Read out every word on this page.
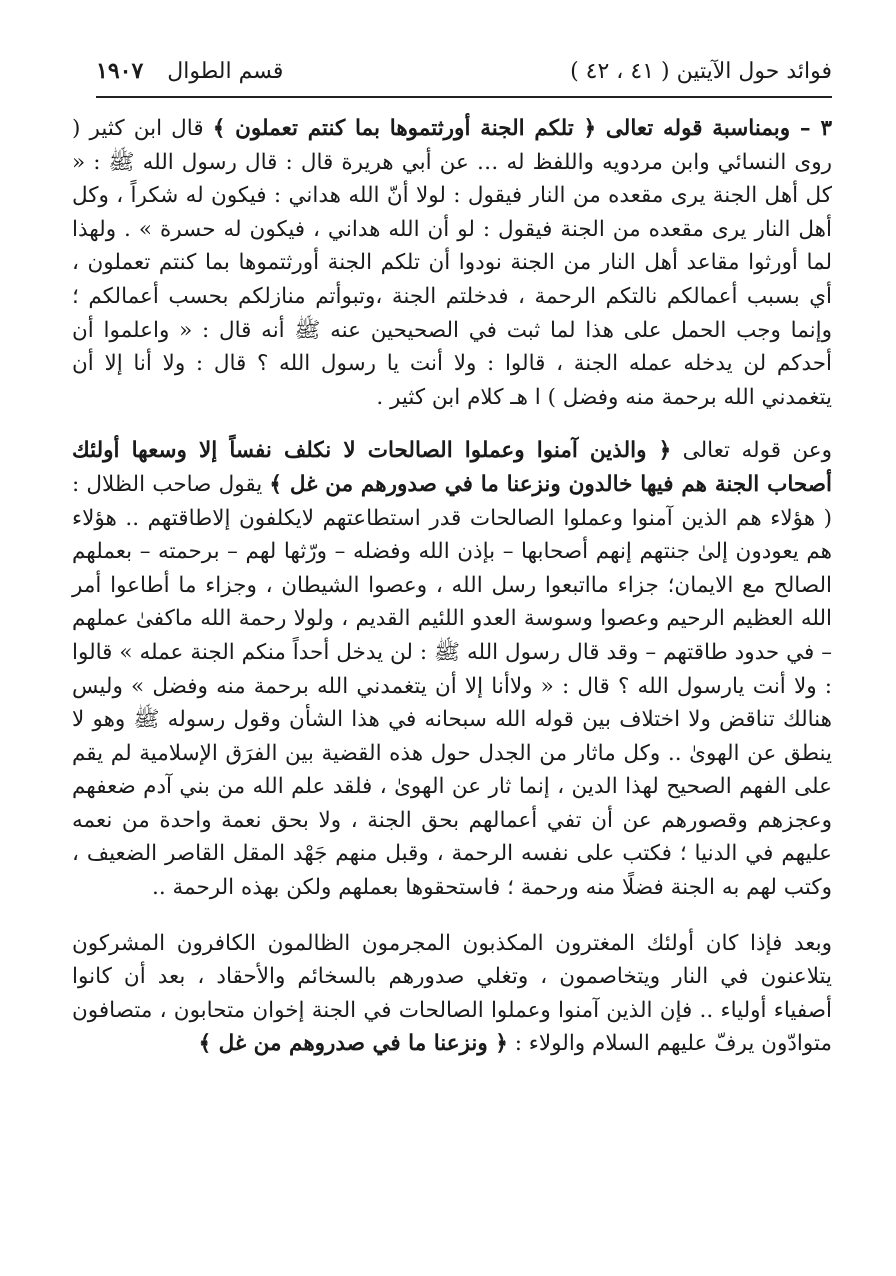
فوائد حول الآيتين ( ٤١ ، ٤٢ )
قسم الطوال
١٩٠٧

٣ – وبمناسبة قوله تعالى ﴿ تلكم الجنة أورثتموها بما كنتم تعملون ﴾ قال ابن كثير ( روى النسائي وابن مردويه واللفظ له … عن أبي هريرة قال : قال رسول الله ﷺ : « كل أهل الجنة يرى مقعده من النار فيقول : لولا أنّ الله هداني : فيكون له شكراً ، وكل أهل النار يرى مقعده من الجنة فيقول : لو أن الله هداني ، فيكون له حسرة » . ولهذا لما أورثوا مقاعد أهل النار من الجنة نودوا أن تلكم الجنة أورثتموها بما كنتم تعملون ، أي بسبب أعمالكم نالتكم الرحمة ، فدخلتم الجنة ،وتبوأتم منازلكم بحسب أعمالكم ؛ وإنما وجب الحمل على هذا لما ثبت في الصحيحين عنه ﷺ أنه قال : « واعلموا أن أحدكم لن يدخله عمله الجنة ، قالوا : ولا أنت يا رسول الله ؟ قال : ولا أنا إلا أن يتغمدني الله برحمة منه وفضل ) ا هـ كلام ابن كثير .

وعن قوله تعالى ﴿ والذين آمنوا وعملوا الصالحات لا نكلف نفساً إلا وسعها أولئك أصحاب الجنة هم فيها خالدون ونزعنا ما في صدورهم من غل ﴾ يقول صاحب الظلال : ( هؤلاء هم الذين آمنوا وعملوا الصالحات قدر استطاعتهم لايكلفون إلاطاقتهم .. هؤلاء هم يعودون إلىٰ جنتهم إنهم أصحابها – بإذن الله وفضله – ورّثها لهم – برحمته – بعملهم الصالح مع الايمان؛ جزاء مااتبعوا رسل الله ، وعصوا الشيطان ، وجزاء ما أطاعوا أمر الله العظيم الرحيم وعصوا وسوسة العدو اللئيم القديم ، ولولا رحمة الله ماكفىٰ عملهم – في حدود طاقتهم – وقد قال رسول الله ﷺ : لن يدخل أحداً منكم الجنة عمله » قالوا : ولا أنت يارسول الله ؟ قال : « ولاأنا إلا أن يتغمدني الله برحمة منه وفضل » وليس هنالك تناقض ولا اختلاف بين قوله الله سبحانه في هذا الشأن وقول رسوله ﷺ وهو لا ينطق عن الهوىٰ .. وكل ماثار من الجدل حول هذه القضية بين الفرَق الإسلامية لم يقم على الفهم الصحيح لهذا الدين ، إنما ثار عن الهوىٰ ، فلقد علم الله من بني آدم ضعفهم وعجزهم وقصورهم عن أن تفي أعمالهم بحق الجنة ، ولا بحق نعمة واحدة من نعمه عليهم في الدنيا ؛ فكتب على نفسه الرحمة ، وقبل منهم جَهْد المقل القاصر الضعيف ، وكتب لهم به الجنة فضلًا منه ورحمة ؛ فاستحقوها بعملهم ولكن بهذه الرحمة ..

وبعد فإذا كان أولئك المغترون المكذبون المجرمون الظالمون الكافرون المشركون يتلاعنون في النار ويتخاصمون ، وتغلي صدورهم بالسخائم والأحقاد ، بعد أن كانوا أصفياء أولياء .. فإن الذين آمنوا وعملوا الصالحات في الجنة إخوان متحابون ، متصافون متوادّون يرفّ عليهم السلام والولاء : ﴿ ونزعنا ما في صدروهم من غل ﴾
